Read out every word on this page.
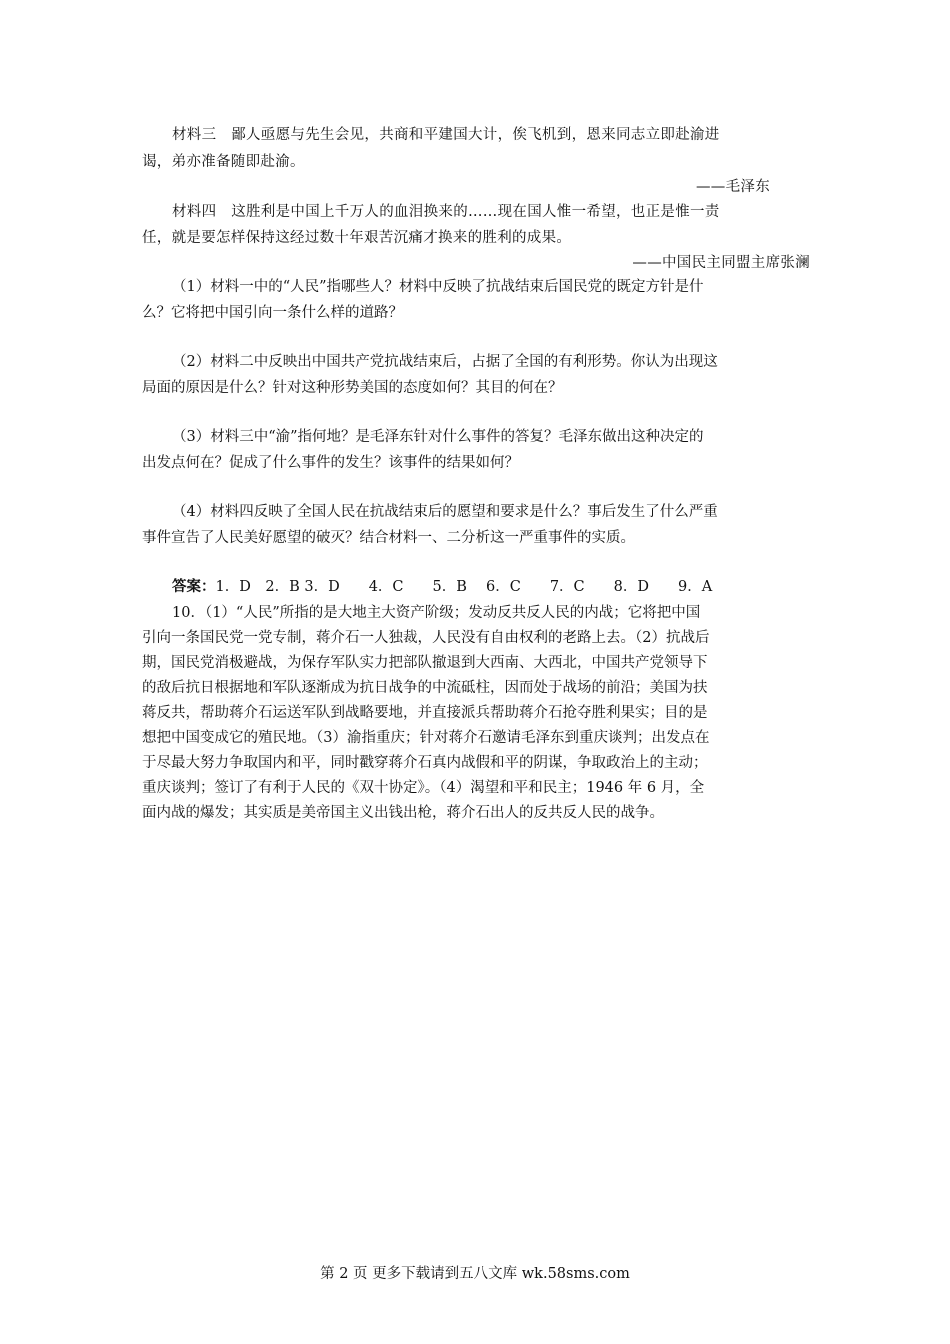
材料三　鄙人亟愿与先生会见，共商和平建国大计，俟飞机到，恩来同志立即赴渝进
谒，弟亦准备随即赴渝。
——毛泽东
材料四　这胜利是中国上千万人的血泪换来的……现在国人惟一希望，也正是惟一责
任，就是要怎样保持这经过数十年艰苦沉痛才换来的胜利的成果。
——中国民主同盟主席张澜
（1）材料一中的“人民”指哪些人？材料中反映了抗战结束后国民党的既定方针是什
么？它将把中国引向一条什么样的道路？
（2）材料二中反映出中国共产党抗战结束后，占据了全国的有利形势。你认为出现这
局面的原因是什么？针对这种形势美国的态度如何？其目的何在？
（3）材料三中“渝”指何地？是毛泽东针对什么事件的答复？毛泽东做出这种决定的
出发点何在？促成了什么事件的发生？该事件的结果如何？
（4）材料四反映了全国人民在抗战结束后的愿望和要求是什么？事后发生了什么严重
事件宣告了人民美好愿望的破灭？结合材料一、二分析这一严重事件的实质。
答案：1．D　2．B 3．D　　4．C　　5．B　 6．C　　7．C　　8．D　　9．A
10．（1）“人民”所指的是大地主大资产阶级；发动反共反人民的内战；它将把中国
引向一条国民党一党专制，蒋介石一人独裁，人民没有自由权利的老路上去。（2）抗战后
期，国民党消极避战，为保存军队实力把部队撤退到大西南、大西北，中国共产党领导下
的敌后抗日根据地和军队逐渐成为抗日战争的中流砥柱，因而处于战场的前沿；美国为扶
蒋反共，帮助蒋介石运送军队到战略要地，并直接派兵帮助蒋介石抢夺胜利果实；目的是
想把中国变成它的殖民地。（3）渝指重庆；针对蒋介石邀请毛泽东到重庆谈判；出发点在
于尽最大努力争取国内和平，同时戳穿蒋介石真内战假和平的阴谋，争取政治上的主动；
重庆谈判；签订了有利于人民的《双十协定》。（4）渴望和平和民主；1946 年 6 月，全
面内战的爆发；其实质是美帝国主义出钱出枪，蒋介石出人的反共反人民的战争。
第 2 页 更多下载请到五八文库 wk.58sms.com
